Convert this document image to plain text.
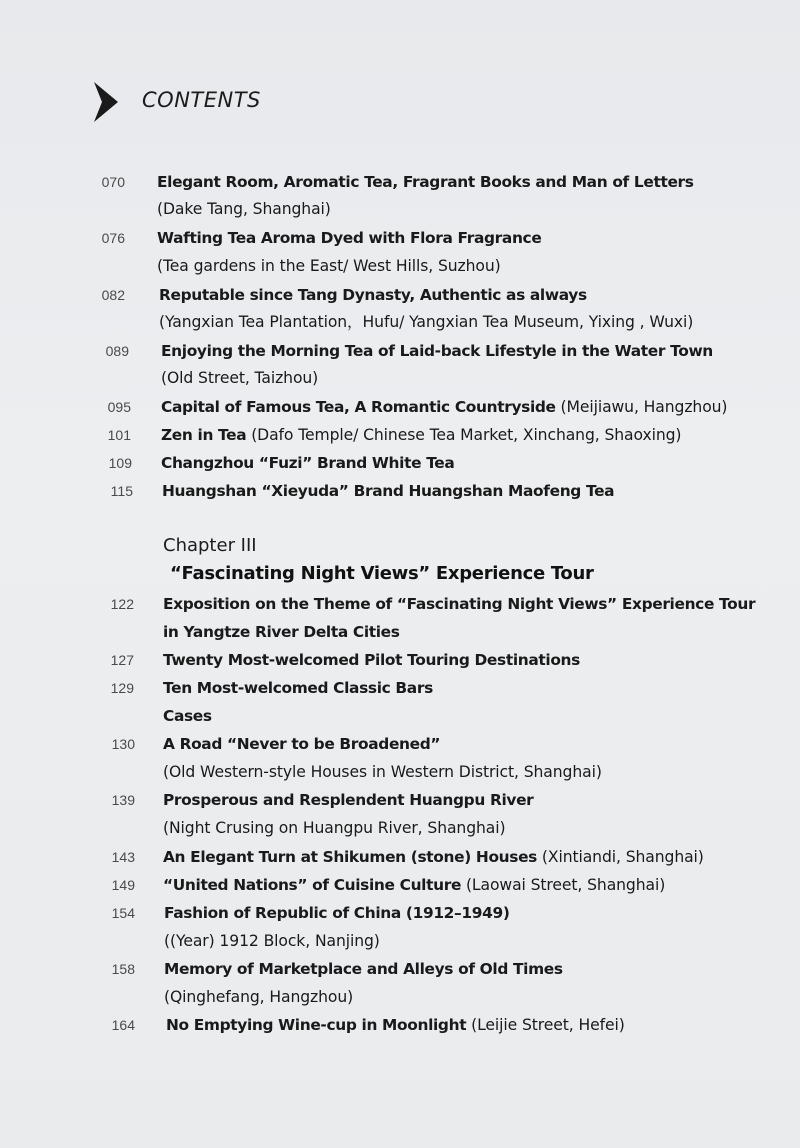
CONTENTS
070 Elegant Room, Aromatic Tea, Fragrant Books and Man of Letters
(Dake Tang, Shanghai)
076 Wafting Tea Aroma Dyed with Flora Fragrance
(Tea gardens in the East/ West Hills, Suzhou)
082 Reputable since Tang Dynasty, Authentic as always
(Yangxian Tea Plantation，Hufu/ Yangxian Tea Museum, Yixing , Wuxi)
089 Enjoying the Morning Tea of Laid-back Lifestyle in the Water Town
(Old Street, Taizhou)
095 Capital of Famous Tea, A Romantic Countryside (Meijiawu, Hangzhou)
101 Zen in Tea (Dafo Temple/ Chinese Tea Market, Xinchang, Shaoxing)
109 Changzhou “Fuzi” Brand White Tea
115 Huangshan “Xieyuda” Brand Huangshan Maofeng Tea
Chapter III
“Fascinating Night Views” Experience Tour
122 Exposition on the Theme of “Fascinating Night Views” Experience Tour
in Yangtze River Delta Cities
127 Twenty Most-welcomed Pilot Touring Destinations
129 Ten Most-welcomed Classic Bars
Cases
130 A Road “Never to be Broadened”
(Old Western-style Houses in Western District, Shanghai)
139 Prosperous and Resplendent Huangpu River
(Night Crusing on Huangpu River, Shanghai)
143 An Elegant Turn at Shikumen (stone) Houses (Xintiandi, Shanghai)
149 “United Nations” of Cuisine Culture (Laowai Street, Shanghai)
154 Fashion of Republic of China (1912–1949)
((Year) 1912 Block, Nanjing)
158 Memory of Marketplace and Alleys of Old Times
(Qinghefang, Hangzhou)
164 No Emptying Wine-cup in Moonlight (Leijie Street, Hefei)
